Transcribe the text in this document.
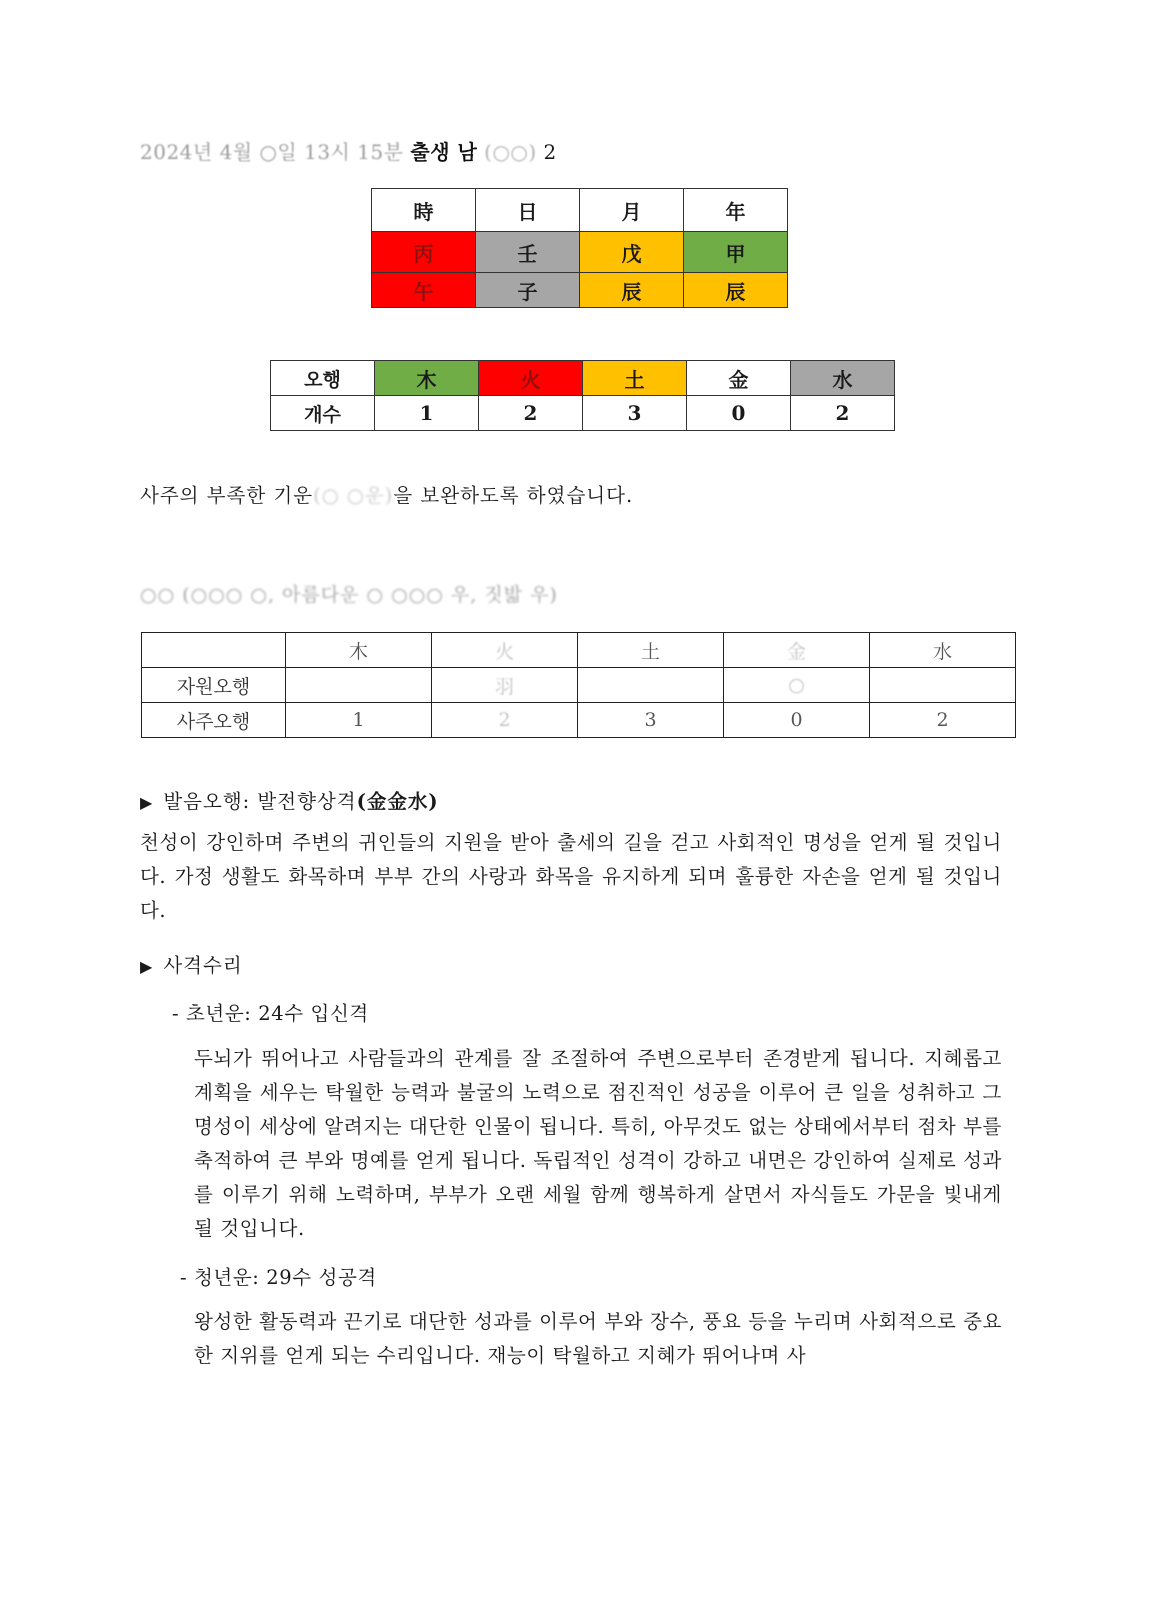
2024년 4월 ○일 13시 15분 출생 남 (○○) 2
時	日	月	年
丙	壬	戊	甲
午	子	辰	辰
오행	木	火	土	金	水
개수	1	2	3	0	2
사주의 부족한 기운(○ ○운)을 보완하도록 하였습니다.
○○ (○○○ ○, 아름다운 ○ ○○○ 우, 짓밟 우)
	木	火	土	金	水
자원오행		羽		○	
사주오행	1	2	3	0	2
▶ 발음오행: 발전향상격(金金水)
천성이 강인하며 주변의 귀인들의 지원을 받아 출세의 길을 걷고 사회적인 명성을 얻게 될 것입니다. 가정 생활도 화목하며 부부 간의 사랑과 화목을 유지하게 되며 훌륭한 자손을 얻게 될 것입니다.
▶ 사격수리
- 초년운: 24수 입신격
두뇌가 뛰어나고 사람들과의 관계를 잘 조절하여 주변으로부터 존경받게 됩니다. 지혜롭고 계획을 세우는 탁월한 능력과 불굴의 노력으로 점진적인 성공을 이루어 큰 일을 성취하고 그 명성이 세상에 알려지는 대단한 인물이 됩니다. 특히, 아무것도 없는 상태에서부터 점차 부를 축적하여 큰 부와 명예를 얻게 됩니다. 독립적인 성격이 강하고 내면은 강인하여 실제로 성과를 이루기 위해 노력하며, 부부가 오랜 세월 함께 행복하게 살면서 자식들도 가문을 빛내게 될 것입니다.
- 청년운: 29수 성공격
왕성한 활동력과 끈기로 대단한 성과를 이루어 부와 장수, 풍요 등을 누리며 사회적으로 중요한 지위를 얻게 되는 수리입니다. 재능이 탁월하고 지혜가 뛰어나며 사
